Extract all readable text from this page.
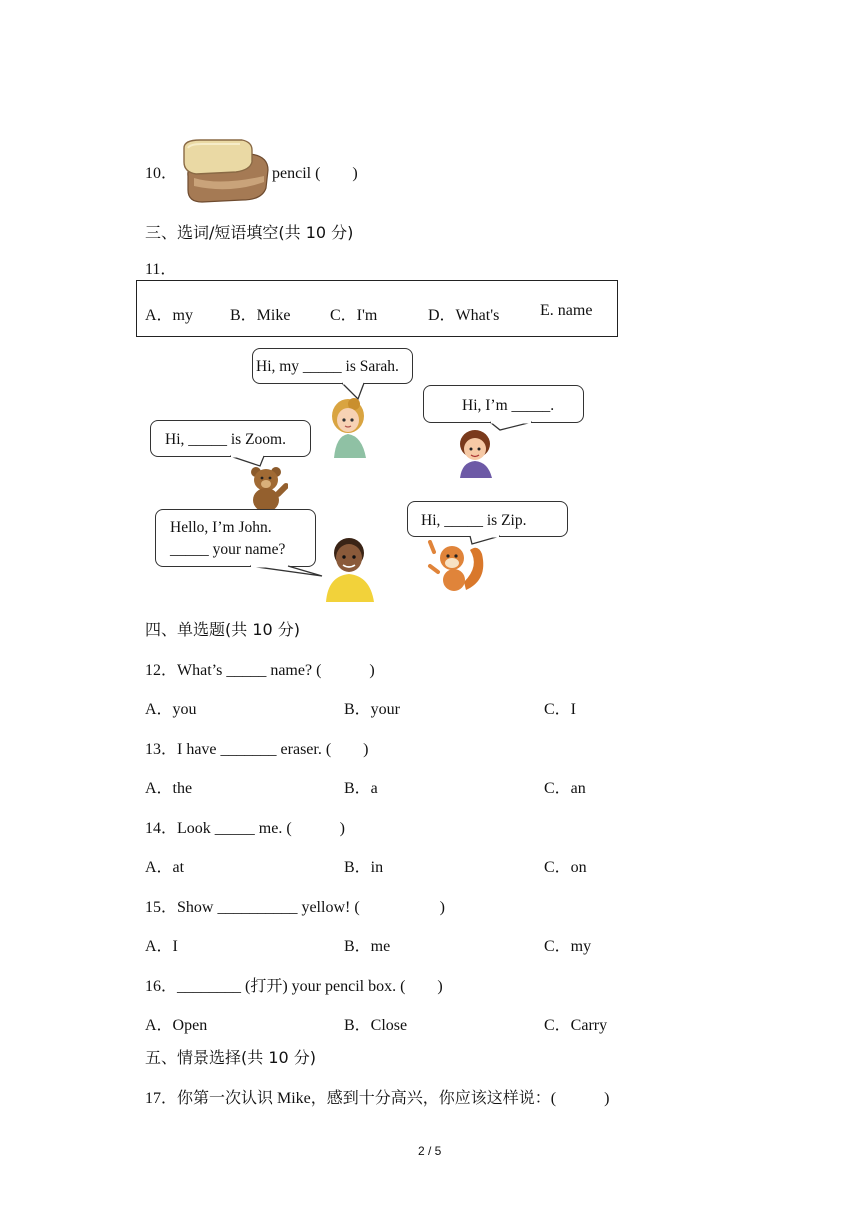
10．	pencil (　　)
三、选词/短语填空(共 10 分)
11．
A．my B．Mike C．I'm	D．What's	E. name
Hi, my _____ is Sarah.
Hi, I’m _____.
Hi, _____ is Zoom.
Hello, I’m John.
_____ your name?
Hi, _____ is Zip.
四、单选题(共 10 分)
12．What’s _____ name? (　　　)
A．you	B．your	C．I
13．I have _______ eraser. (　　)
A．the	B．a	C．an
14．Look _____ me. (　　　)
A．at	B．in	C．on
15．Show __________ yellow! (　　　　　)
A．I	B．me	C．my
16．________ (打开) your pencil box. (　　)
A．Open	B．Close	C．Carry
五、情景选择(共 10 分)
17．你第一次认识 Mike，感到十分高兴，你应该这样说：(　　　)
2 / 5
